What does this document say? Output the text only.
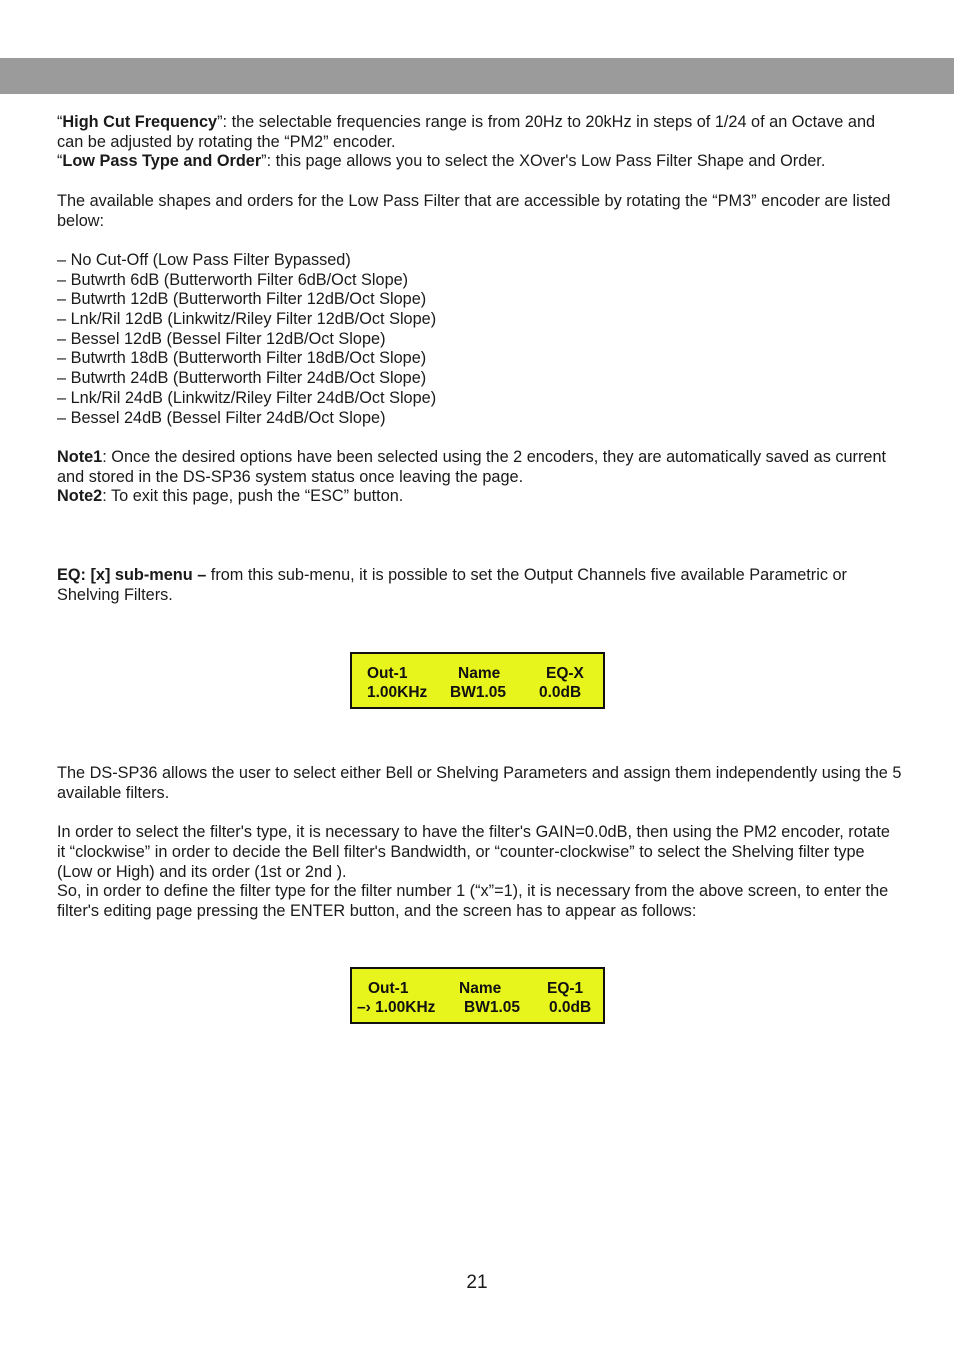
“High Cut Frequency”: the selectable frequencies range is from 20Hz to 20kHz in steps of 1/24 of an Octave and can be adjusted by rotating the “PM2” encoder.

“Low Pass Type and Order”: this page allows you to select the XOver's Low Pass Filter Shape and Order.

The available shapes and orders for the Low Pass Filter that are accessible by rotating the “PM3” encoder are listed below:

– No Cut-Off (Low Pass Filter Bypassed)

– Butwrth 6dB (Butterworth Filter 6dB/Oct Slope)

– Butwrth 12dB (Butterworth Filter 12dB/Oct Slope)

– Lnk/Ril 12dB (Linkwitz/Riley Filter 12dB/Oct Slope)

– Bessel 12dB (Bessel Filter 12dB/Oct Slope)

– Butwrth 18dB (Butterworth Filter 18dB/Oct Slope)

– Butwrth 24dB (Butterworth Filter 24dB/Oct Slope)

– Lnk/Ril 24dB (Linkwitz/Riley Filter 24dB/Oct Slope)

– Bessel 24dB (Bessel Filter 24dB/Oct Slope)

Note1: Once the desired options have been selected using the 2 encoders, they are automatically saved as current and stored in the DS-SP36 system status once leaving the page.

Note2: To exit this page, push the “ESC” button.

EQ: [x] sub-menu – from this sub-menu, it is possible to set the Output Channels five available Parametric or Shelving Filters.

Out-1	Name	EQ-X
1.00KHz BW1.05 0.0dB

The DS-SP36 allows the user to select either Bell or Shelving Parameters and assign them independently using the 5 available filters.

In order to select the filter's type, it is necessary to have the filter's GAIN=0.0dB, then using the PM2 encoder, rotate it “clockwise” in order to decide the Bell filter's Bandwidth, or “counter-clockwise” to select the Shelving filter type (Low or High) and its order (1st or 2nd ).

So, in order to define the filter type for the filter number 1 (“x”=1), it is necessary from the above screen, to enter the filter's editing page pressing the ENTER button, and the screen has to appear as follows:

Out-1	Name	EQ-1
–› 1.00KHz BW1.05 0.0dB
21
